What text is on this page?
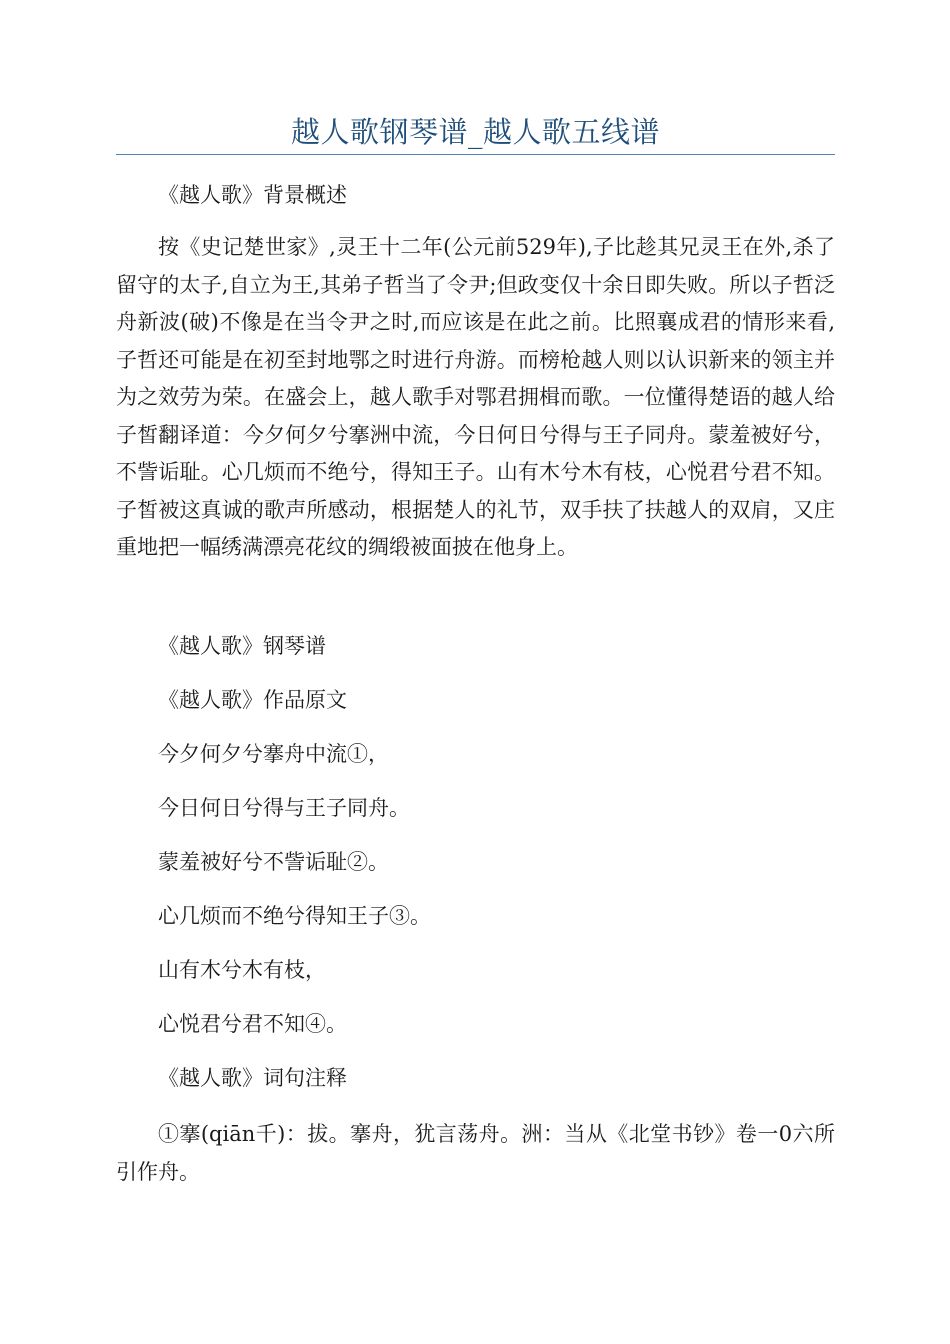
越人歌钢琴谱_越人歌五线谱

《越人歌》背景概述

按《史记楚世家》,灵王十二年(公元前529年),子比趁其兄灵王在外,杀了留守的太子,自立为王,其弟子哲当了令尹;但政变仅十余日即失败。所以子哲泛舟新波(破)不像是在当令尹之时,而应该是在此之前。比照襄成君的情形来看,子哲还可能是在初至封地鄂之时进行舟游。而榜枪越人则以认识新来的领主并为之效劳为荣。在盛会上，越人歌手对鄂君拥楫而歌。一位懂得楚语的越人给子皙翻译道：今夕何夕兮搴洲中流，今日何日兮得与王子同舟。蒙羞被好兮，不訾诟耻。心几烦而不绝兮，得知王子。山有木兮木有枝，心悦君兮君不知。子皙被这真诚的歌声所感动，根据楚人的礼节，双手扶了扶越人的双肩，又庄重地把一幅绣满漂亮花纹的绸缎被面披在他身上。

《越人歌》钢琴谱

《越人歌》作品原文

今夕何夕兮搴舟中流①，

今日何日兮得与王子同舟。

蒙羞被好兮不訾诟耻②。

心几烦而不绝兮得知王子③。

山有木兮木有枝，

心悦君兮君不知④。

《越人歌》词句注释

①搴(qiān千)：拔。搴舟，犹言荡舟。洲：当从《北堂书钞》卷一0六所引作舟。
